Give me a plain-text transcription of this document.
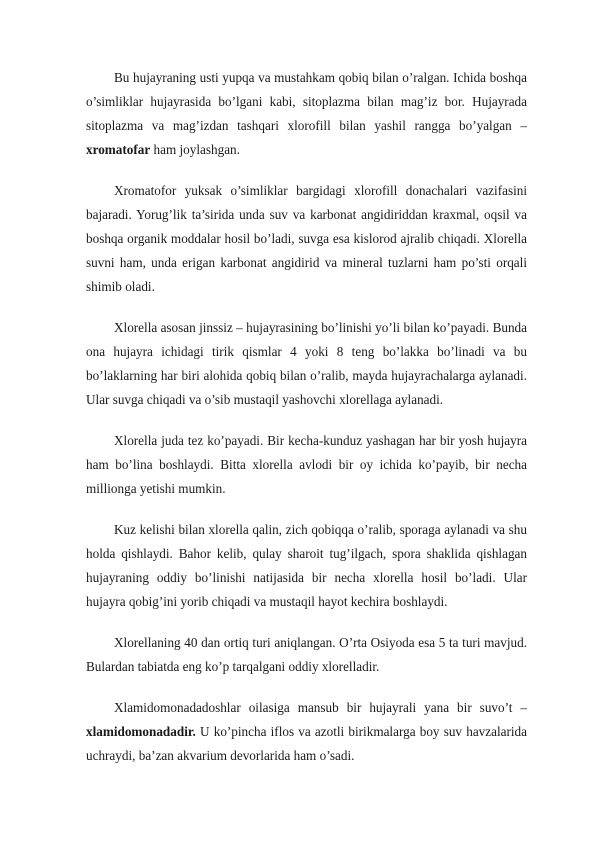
Bu hujayraning usti yupqa va mustahkam qobiq bilan o’ralgan. Ichida boshqa o’simliklar hujayrasida bo’lgani kabi, sitoplazma bilan mag’iz bor. Hujayrada sitoplazma va mag’izdan tashqari xlorofill bilan yashil rangga bo’yalgan – xromatofar ham joylashgan.

Xromatofor yuksak o’simliklar bargidagi xlorofill donachalari vazifasini bajaradi. Yorug’lik ta’sirida unda suv va karbonat angidiriddan kraxmal, oqsil va boshqa organik moddalar hosil bo’ladi, suvga esa kislorod ajralib chiqadi. Xlorella suvni ham, unda erigan karbonat angidirid va mineral tuzlarni ham po’sti orqali shimib oladi.

Xlorella asosan jinssiz – hujayrasining bo’linishi yo’li bilan ko’payadi. Bunda ona hujayra ichidagi tirik qismlar 4 yoki 8 teng bo’lakka bo’linadi va bu bo’laklarning har biri alohida qobiq bilan o’ralib, mayda hujayrachalarga aylanadi. Ular suvga chiqadi va o’sib mustaqil yashovchi xlorellaga aylanadi.

Xlorella juda tez ko’payadi. Bir kecha-kunduz yashagan har bir yosh hujayra ham bo’lina boshlaydi. Bitta xlorella avlodi bir oy ichida ko’payib, bir necha millionga yetishi mumkin.

Kuz kelishi bilan xlorella qalin, zich qobiqqa o’ralib, sporaga aylanadi va shu holda qishlaydi. Bahor kelib, qulay sharoit tug’ilgach, spora shaklida qishlagan hujayraning oddiy bo’linishi natijasida bir necha xlorella hosil bo’ladi. Ular hujayra qobig’ini yorib chiqadi va mustaqil hayot kechira boshlaydi.

Xlorellaning 40 dan ortiq turi aniqlangan. O’rta Osiyoda esa 5 ta turi mavjud. Bulardan tabiatda eng ko’p tarqalgani oddiy xlorelladir.

Xlamidomonadadoshlar oilasiga mansub bir hujayrali yana bir suvo’t – xlamidomonadadir. U ko’pincha iflos va azotli birikmalarga boy suv havzalarida uchraydi, ba’zan akvarium devorlarida ham o’sadi.
